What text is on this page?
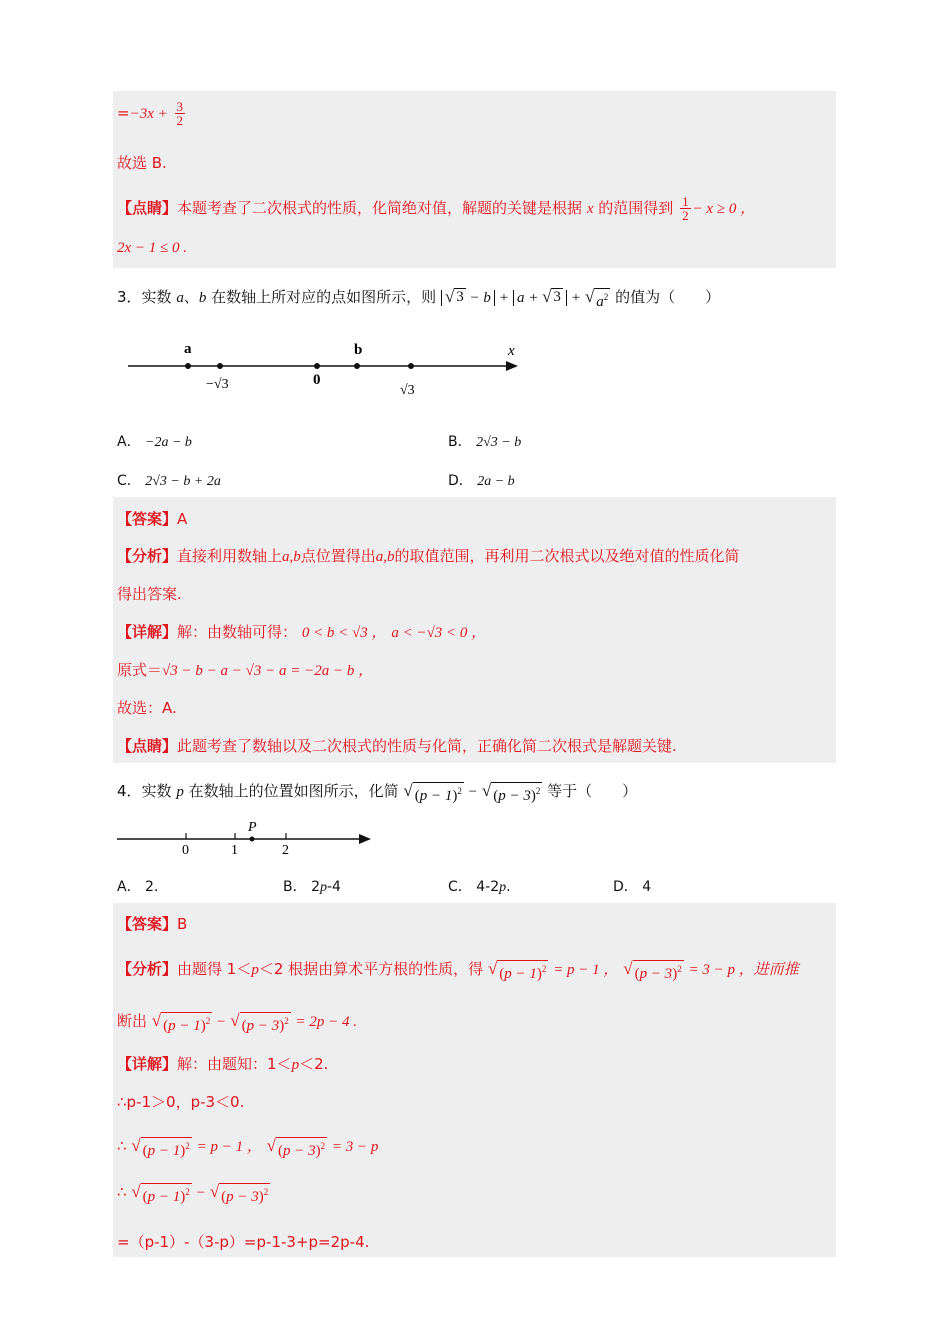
$=-3x + \frac{3}{2}$
故选 B.
【点睛】本题考查了二次根式的性质，化简绝对值，解题的关键是根据 x 的范围得到 $\frac{1}{2} - x \ge 0$ ，
2x − 1 ≤ 0 .
3．实数 a、b 在数轴上所对应的点如图所示，则 √ 3 − b + a + √ 3 + √ $a^2$ 的值为（　　）
a	b	x
−√3	0
√3
A． −2a − b	B． 2√3 − b
C． 2√3 − b + 2a	D． 2a − b
【答案】A
【分析】直接利用数轴上a,b点位置得出a,b的取值范围，再利用二次根式以及绝对值的性质化简
得出答案.
【详解】解：由数轴可得： 0 < b < √3 ， a < −√3 < 0 ，
原式＝√3 − b − a − √3 − a = −2a − b ，
故选：A.
【点睛】此题考查了数轴以及二次根式的性质与化简，正确化简二次根式是解题关键.
4．实数 p 在数轴上的位置如图所示，化简 √ $(p - 1)^2$ − √ $(p - 3)^2$ 等于（　　）
P
0	1	2
A． 2．	B． 2p-4	C． 4-2p.	D． 4
【答案】B
【分析】由题得 1＜p＜2 根据由算术平方根的性质，得 √ $(p - 1)^2 = p - 1$ ， √ $(p - 3)^2 = 3 - p$ ，进而推
断出 √ $(p - 1)^2$ − √ $(p - 3)^2 = 2p - 4$ .
【详解】解：由题知：1＜p＜2.
∴p-1＞0，p-3＜0.
∴ √ $(p - 1)^2 = p - 1$ ， √ $(p - 3)^2 = 3 - p$
∴ √ $(p - 1)^2$ − √ $(p - 3)^2$
=（p-1）-（3-p）=p-1-3+p=2p-4.
